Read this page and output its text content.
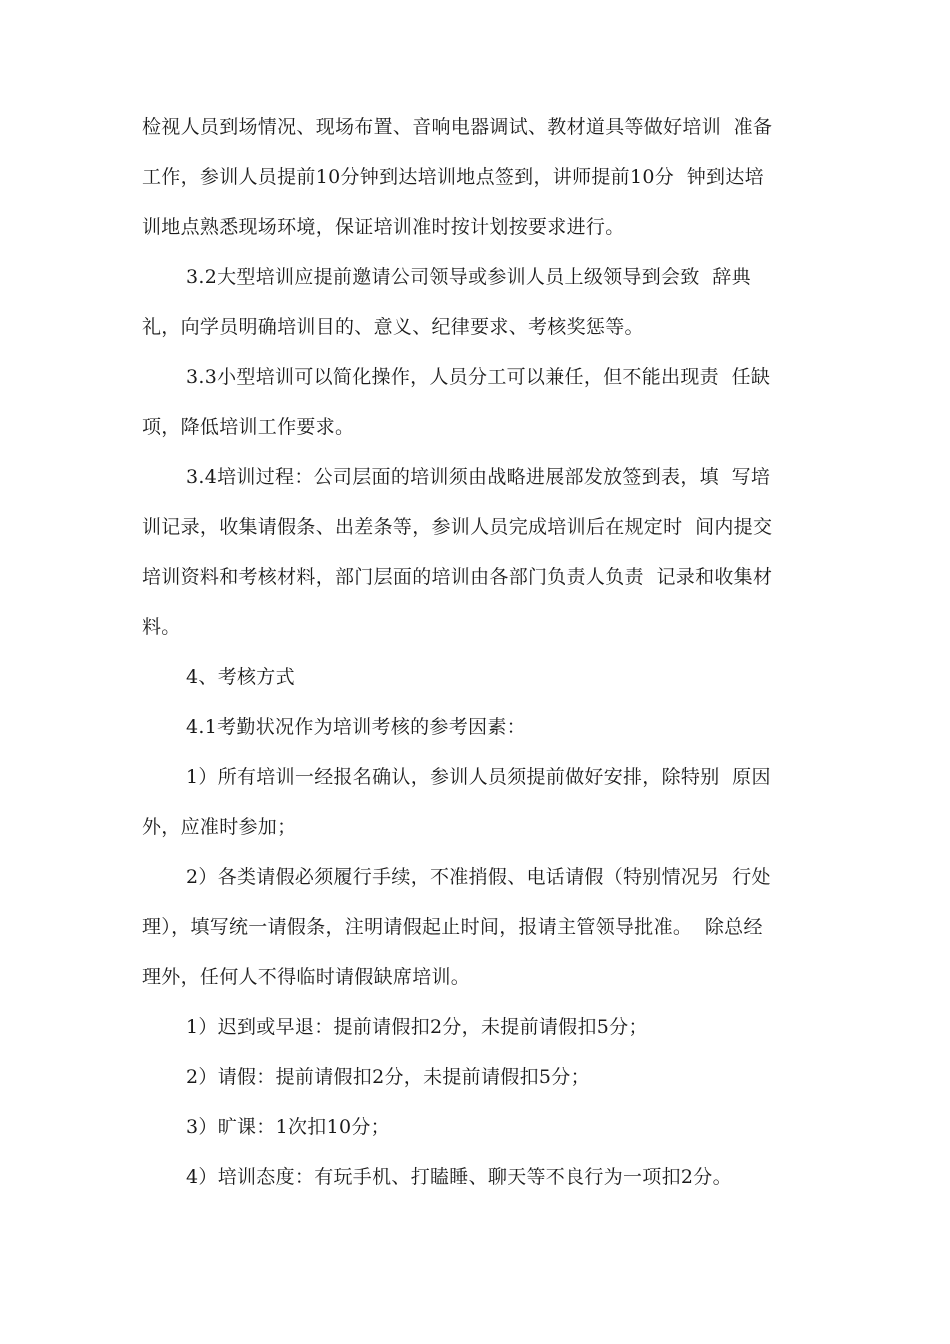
检视人员到场情况、现场布置、音响电器调试、教材道具等做好培训  准备
工作，参训人员提前10分钟到达培训地点签到，讲师提前10分  钟到达培
训地点熟悉现场环境，保证培训准时按计划按要求进行。
3.2大型培训应提前邀请公司领导或参训人员上级领导到会致  辞典
礼，向学员明确培训目的、意义、纪律要求、考核奖惩等。
3.3小型培训可以简化操作，人员分工可以兼任，但不能出现责  任缺
项，降低培训工作要求。
3.4培训过程：公司层面的培训须由战略进展部发放签到表，填  写培
训记录，收集请假条、出差条等，参训人员完成培训后在规定时  间内提交
培训资料和考核材料，部门层面的培训由各部门负责人负责  记录和收集材
料。
4、考核方式
4.1考勤状况作为培训考核的参考因素：
1）所有培训一经报名确认，参训人员须提前做好安排，除特别  原因
外，应准时参加；
2）各类请假必须履行手续，不准捎假、电话请假（特别情况另  行处
理），填写统一请假条，注明请假起止时间，报请主管领导批准。  除总经
理外，任何人不得临时请假缺席培训。
1）迟到或早退：提前请假扣2分，未提前请假扣5分；
2）请假：提前请假扣2分，未提前请假扣5分；
3）旷课：1次扣10分；
4）培训态度：有玩手机、打瞌睡、聊天等不良行为一项扣2分。
